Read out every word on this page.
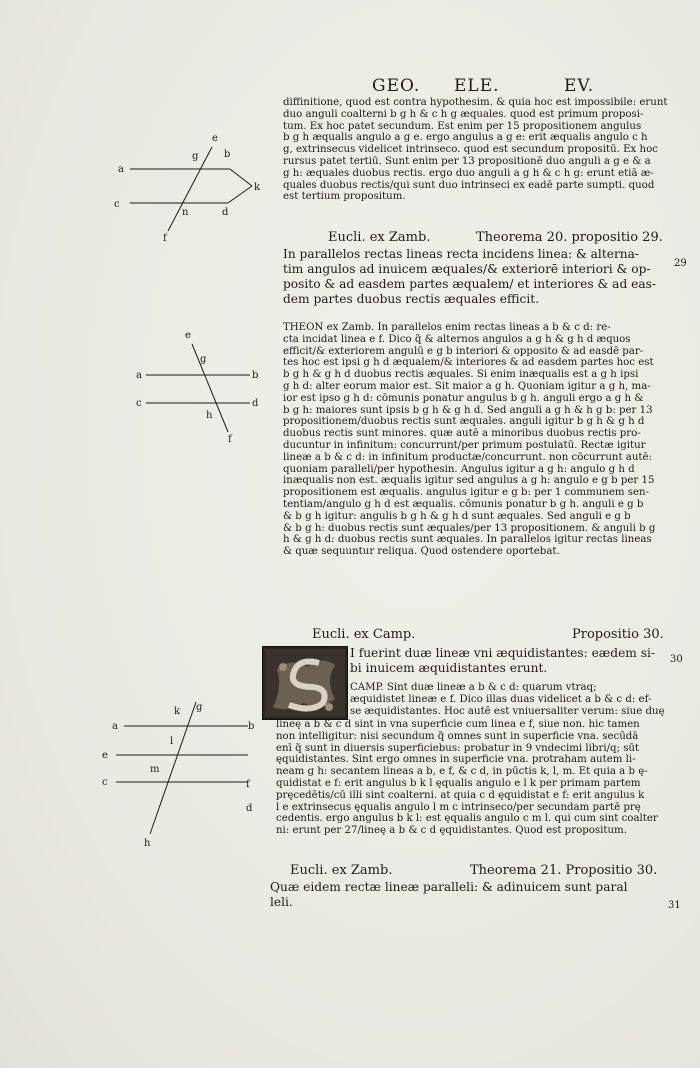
GEO. ELE.	EV.
diffinitione, quod est contra hypothesim. & quia hoc est impossibile: erunt
duo anguli coalterni b g h & c h g æquales. quod est primum proposi-
tum. Ex hoc patet secundum. Est enim per 15 propositionem angulus
b g h æqualis angulo a g e. ergo angulus a g e: erit æqualis angulo c h
g, extrinsecus videlicet intrinseco. quod est secundum propositū. Ex hoc
rursus patet tertiū. Sunt enim per 13 propositionē duo anguli a g e & a
g h: æquales duobus rectis. ergo duo anguli a g h & c h g: erunt etiā æ-
quales duobus rectis/qui sunt duo intrinseci ex eadē parte sumpti. quod
est tertium propositum.
Eucli. ex Zamb.	Theorema 20. propositio 29.
In parallelos rectas lineas recta incidens linea: & alterna-
tim angulos ad inuicem æquales/& exteriorē interiori & op-
posito & ad easdem partes æqualem/ et interiores & ad eas-
dem partes duobus rectis æquales efficit.
29
THEON ex Zamb. In parallelos enim rectas lineas a b & c d: re-
cta incidat linea e f. Dico q̃ & alternos angulos a g h & g h d æquos
efficit/& exteriorem angulū e g b interiori & opposito & ad easdē par-
tes hoc est ipsi g h d æqualem/& interiores & ad easdem partes hoc est
b g h & g h d duobus rectis æquales. Si enim inæqualis est a g h ipsi
g h d: alter eorum maior est. Sit maior a g h. Quoniam igitur a g h, ma-
ior est ipso g h d: cōmunis ponatur angulus b g h. anguli ergo a g h &
b g h: maiores sunt ipsis b g h & g h d. Sed anguli a g h & h g b: per 13
propositionem/duobus rectis sunt æquales. anguli igitur b g h & g h d
duobus rectis sunt minores. quæ autē a minoribus duobus rectis pro-
ducuntur in infinitum: concurrunt/per primum postulatū. Rectæ igitur
lineæ a b & c d: in infinitum productæ/concurrunt. non cōcurrunt autē:
quoniam paralleli/per hypothesin. Angulus igitur a g h: angulo g h d
inæqualis non est. æqualis igitur sed angulus a g h: angulo e g b per 15
propositionem est æqualis. angulus igitur e g b: per 1 communem sen-
tentiam/angulo g h d est æqualis. cōmunis ponatur b g h. anguli e g b
& b g h igitur: angulis b g h & g h d sunt æquales. Sed anguli e g b
& b g h: duobus rectis sunt æquales/per 13 propositionem. & anguli b g
h & g h d: duobus rectis sunt æquales. In parallelos igitur rectas lineas
& quæ sequuntur reliqua. Quod ostendere oportebat.
Eucli. ex Camp.	Propositio 30.
30
I fuerint duæ lineæ vni æquidistantes: eædem si-
bi inuicem æquidistantes erunt.
CAMP. Sint duæ lineæ a b & c d: quarum vtraq;
æquidistet lineæ e f. Dico illas duas videlicet a b & c d: ef-
se æquidistantes. Hoc autē est vniuersaliter verum: siue duę
lineę a b & c d sint in vna superficie cum linea e f, siue non. hic tamen
non intelligitur: nisi secundum q̃ omnes sunt in superficie vna. secūdā
enī q̃ sunt in diuersis superficiebus: probatur in 9 vndecimi libri/q; sūt
ęquidistantes. Sint ergo omnes in superficie vna. protraham autem li-
neam g h: secantem lineas a b, e f, & c d, in pūctis k, l, m. Et quia a b ę-
quidistat e f: erit angulus b k l ęqualis angulo e l k per primam partem
pręcedētis/cū illi sint coalterni. at quia c d ęquidistat e f: erit angulus k
l e extrinsecus ęqualis angulo l m c intrinseco/per secundam partē prę
cedentis. ergo angulus b k l: est ęqualis angulo c m l. qui cum sint coalter
ni: erunt per 27/lineę a b & c d ęquidistantes. Quod est propositum.
Eucli. ex Zamb.	Theorema 21. Propositio 30.
Quæ eidem rectæ lineæ paralleli: & adinuicem sunt paral
leli.	31
a
b
c
d
e
f
g
n
k
a	b
c	d
e
f
g
h
a	b
c
d
e
f
g
h
k
l
m
